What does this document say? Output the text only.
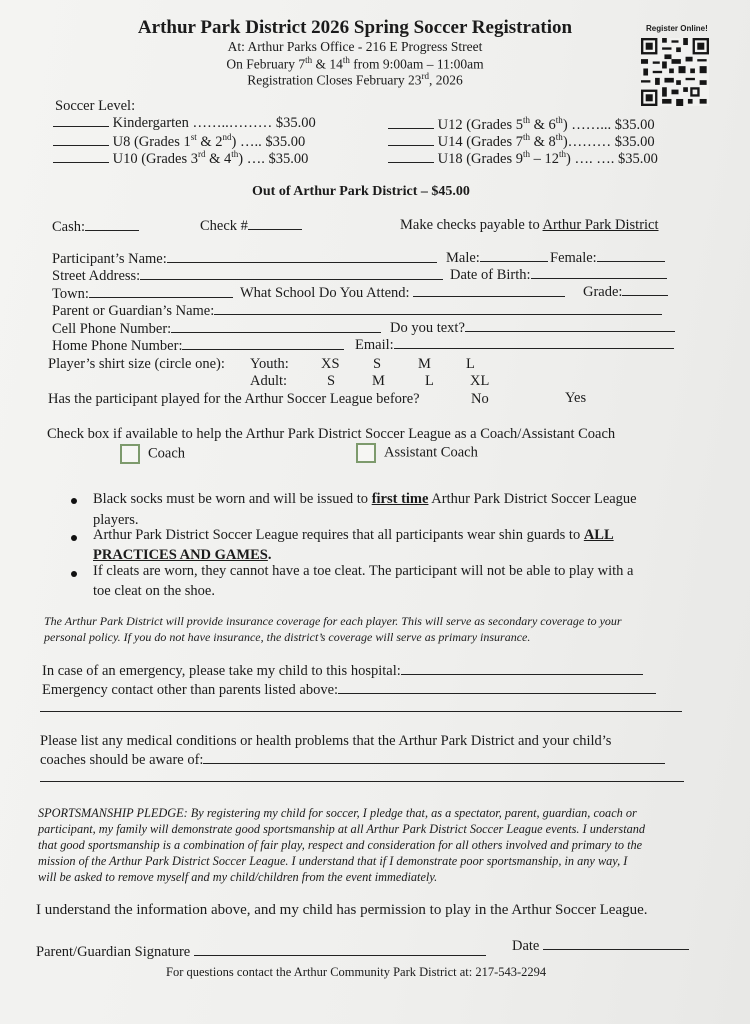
Arthur Park District 2026 Spring Soccer Registration
At: Arthur Parks Office - 216 E Progress Street
On February 7th & 14th from 9:00am – 11:00am
Registration Closes February 23rd, 2026
Register Online!
Soccer Level:
Kindergarten ……..……… $35.00
U8 (Grades 1st & 2nd) ….. $35.00
U10 (Grades 3rd & 4th) …. $35.00
U12 (Grades 5th & 6th) ……... $35.00
U14 (Grades 7th & 8th)……… $35.00
U18 (Grades 9th – 12th) …. …. $35.00
Out of Arthur Park District – $45.00
Cash:	Check #	Make checks payable to Arthur Park District
Participant’s Name:	Male:	Female:
Street Address:	Date of Birth:
Town:	What School Do You Attend:	Grade:
Parent or Guardian’s Name:
Cell Phone Number:	Do you text?
Home Phone Number:	Email:
Player’s shirt size (circle one): Youth: XS S	M L
Adult:	S	M	L XL
Has the participant played for the Arthur Soccer League before?	No	Yes
Check box if available to help the Arthur Park District Soccer League as a Coach/Assistant Coach
Coach	Assistant Coach
Black socks must be worn and will be issued to first time Arthur Park District Soccer League
players.
Arthur Park District Soccer League requires that all participants wear shin guards to ALL
PRACTICES AND GAMES.
If cleats are worn, they cannot have a toe cleat. The participant will not be able to play with a
toe cleat on the shoe.
The Arthur Park District will provide insurance coverage for each player. This will serve as secondary coverage to your
personal policy. If you do not have insurance, the district’s coverage will serve as primary insurance.
In case of an emergency, please take my child to this hospital:
Emergency contact other than parents listed above:
Please list any medical conditions or health problems that the Arthur Park District and your child’s
coaches should be aware of:
SPORTSMANSHIP PLEDGE: By registering my child for soccer, I pledge that, as a spectator, parent, guardian, coach or
participant, my family will demonstrate good sportsmanship at all Arthur Park District Soccer League events. I understand
that good sportsmanship is a combination of fair play, respect and consideration for all others involved and primary to the
mission of the Arthur Park District Soccer League. I understand that if I demonstrate poor sportsmanship, in any way, I
will be asked to remove myself and my child/children from the event immediately.
I understand the information above, and my child has permission to play in the Arthur Soccer League.
Parent/Guardian Signature	Date
For questions contact the Arthur Community Park District at: 217-543-2294
